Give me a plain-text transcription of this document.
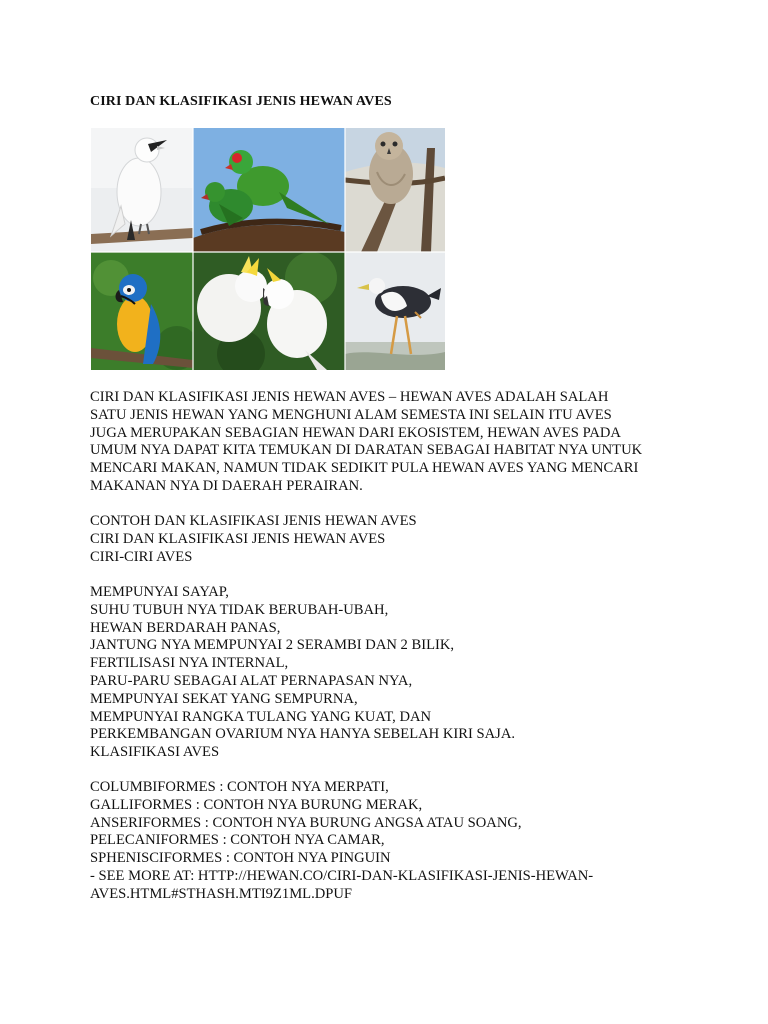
CIRI DAN KLASIFIKASI JENIS HEWAN AVES
CIRI DAN KLASIFIKASI JENIS HEWAN AVES – HEWAN AVES ADALAH SALAH
SATU JENIS HEWAN YANG MENGHUNI ALAM SEMESTA INI SELAIN ITU AVES
JUGA MERUPAKAN SEBAGIAN HEWAN DARI EKOSISTEM, HEWAN AVES PADA
UMUM NYA DAPAT KITA TEMUKAN DI DARATAN SEBAGAI HABITAT NYA UNTUK
MENCARI MAKAN, NAMUN TIDAK SEDIKIT PULA HEWAN AVES YANG MENCARI
MAKANAN NYA DI DAERAH PERAIRAN.
CONTOH DAN KLASIFIKASI JENIS HEWAN AVES
CIRI DAN KLASIFIKASI JENIS HEWAN AVES
CIRI-CIRI AVES
MEMPUNYAI SAYAP,
SUHU TUBUH NYA TIDAK BERUBAH-UBAH,
HEWAN BERDARAH PANAS,
JANTUNG NYA MEMPUNYAI 2 SERAMBI DAN 2 BILIK,
FERTILISASI NYA INTERNAL,
PARU-PARU SEBAGAI ALAT PERNAPASAN NYA,
MEMPUNYAI SEKAT YANG SEMPURNA,
MEMPUNYAI RANGKA TULANG YANG KUAT, DAN
PERKEMBANGAN OVARIUM NYA HANYA SEBELAH KIRI SAJA.
KLASIFIKASI AVES
COLUMBIFORMES : CONTOH NYA MERPATI,
GALLIFORMES : CONTOH NYA BURUNG MERAK,
ANSERIFORMES : CONTOH NYA BURUNG ANGSA ATAU SOANG,
PELECANIFORMES : CONTOH NYA CAMAR,
SPHENISCIFORMES : CONTOH NYA PINGUIN
- SEE MORE AT: HTTP://HEWAN.CO/CIRI-DAN-KLASIFIKASI-JENIS-HEWAN-
AVES.HTML#STHASH.MTI9Z1ML.DPUF
